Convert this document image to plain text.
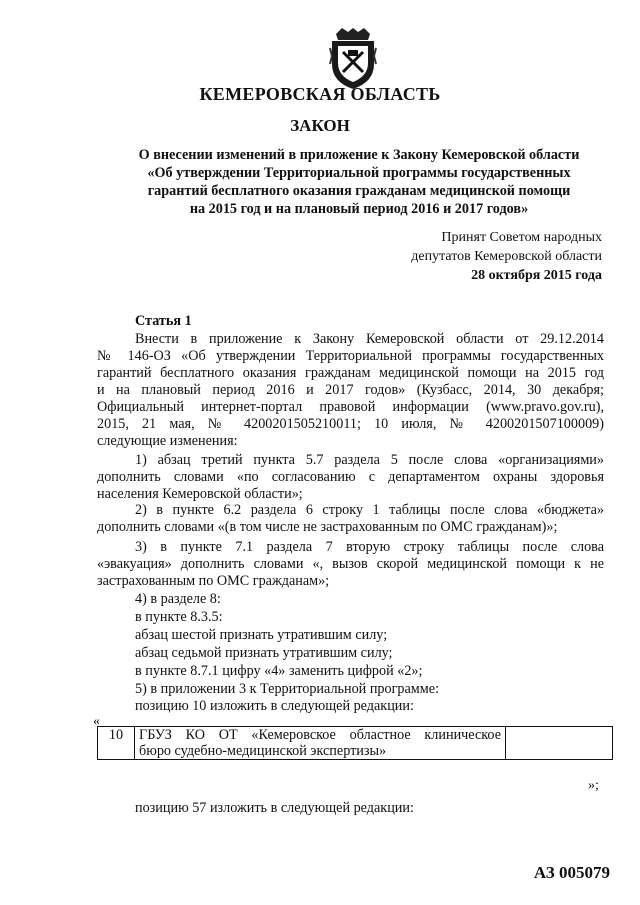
КЕМЕРОВСКАЯ ОБЛАСТЬ
ЗАКОН
О внесении изменений в приложение к Закону Кемеровской области
«Об утверждении Территориальной программы государственных
гарантий бесплатного оказания гражданам медицинской помощи
на 2015 год и на плановый период 2016 и 2017 годов»
Принят Советом народных
депутатов Кемеровской области
28 октября 2015 года
Статья 1
Внести в приложение к Закону Кемеровской области от 29.12.2014
№ 146-ОЗ «Об утверждении Территориальной программы государственных
гарантий бесплатного оказания гражданам медицинской помощи на 2015 год
и на плановый период 2016 и 2017 годов» (Кузбасс, 2014, 30 декабря;
Официальный интернет-портал правовой информации (www.pravo.gov.ru),
2015, 21 мая, № 4200201505210011; 10 июля, № 4200201507100009)
следующие изменения:
1) абзац третий пункта 5.7 раздела 5 после слова «организациями»
дополнить словами «по согласованию с департаментом охраны здоровья
населения Кемеровской области»;
2) в пункте 6.2 раздела 6 строку 1 таблицы после слова «бюджета»
дополнить словами «(в том числе не застрахованным по ОМС гражданам)»;
3) в пункте 7.1 раздела 7 вторую строку таблицы после слова
«эвакуация» дополнить словами «, вызов скорой медицинской помощи к не
застрахованным по ОМС гражданам»;
4) в разделе 8:
в пункте 8.3.5:
абзац шестой признать утратившим силу;
абзац седьмой признать утратившим силу;
в пункте 8.7.1 цифру «4» заменить цифрой «2»;
5) в приложении 3 к Территориальной программе:
позицию 10 изложить в следующей редакции:
«
10	ГБУЗ КО ОТ «Кемеровское областное клиническое
бюро судебно-медицинской экспертизы»

»;
позицию 57 изложить в следующей редакции:
АЗ 005079
